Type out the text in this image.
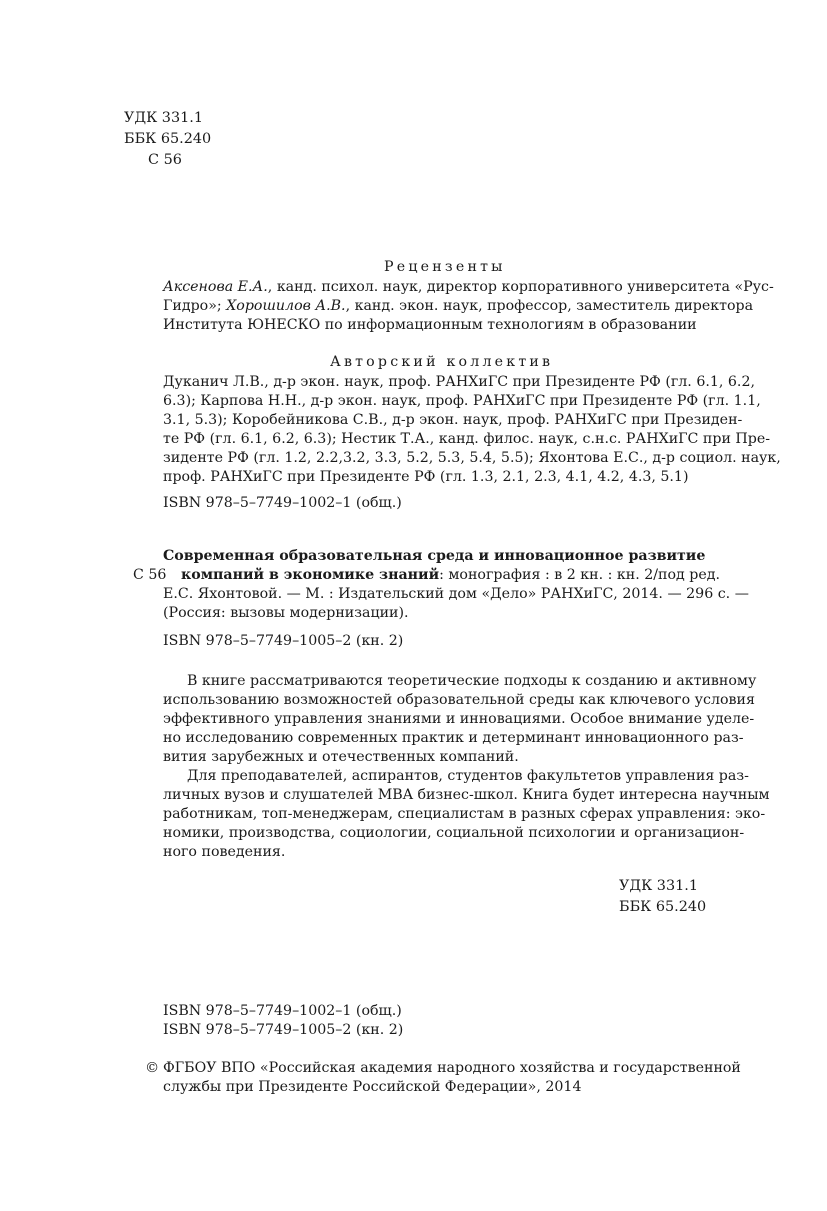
УДК 331.1
ББК 65.240
С 56
Рецензенты
Аксенова Е.А., канд. психол. наук, директор корпоративного университета «Рус-
Гидро»; Хорошилов А.В., канд. экон. наук, профессор, заместитель директора
Института ЮНЕСКО по информационным технологиям в образовании
Авторский коллектив
Дуканич Л.В., д-р экон. наук, проф. РАНХиГС при Президенте РФ (гл. 6.1, 6.2,
6.3); Карпова Н.Н., д-р экон. наук, проф. РАНХиГС при Президенте РФ (гл. 1.1,
3.1, 5.3); Коробейникова С.В., д-р экон. наук, проф. РАНХиГС при Президен-
те РФ (гл. 6.1, 6.2, 6.3); Нестик Т.А., канд. филос. наук, с.н.с. РАНХиГС при Пре-
зиденте РФ (гл. 1.2, 2.2,3.2, 3.3, 5.2, 5.3, 5.4, 5.5); Яхонтова Е.С., д-р социол. наук,
проф. РАНХиГС при Президенте РФ (гл. 1.3, 2.1, 2.3, 4.1, 4.2, 4.3, 5.1)
ISBN 978–5–7749–1002–1 (общ.)
Современная образовательная среда и инновационное развитие
С 56 компаний в экономике знаний: монография : в 2 кн. : кн. 2/под ред.
Е.С. Яхонтовой. — М. : Издательский дом «Дело» РАНХиГС, 2014. — 296 с. —
(Россия: вызовы модернизации).
ISBN 978–5–7749–1005–2 (кн. 2)
В книге рассматриваются теоретические подходы к созданию и активному
использованию возможностей образовательной среды как ключевого условия
эффективного управления знаниями и инновациями. Особое внимание уделе-
но исследованию современных практик и детерминант инновационного раз-
вития зарубежных и отечественных компаний.
Для преподавателей, аспирантов, студентов факультетов управления раз-
личных вузов и слушателей MBA бизнес-школ. Книга будет интересна научным
работникам, топ-менеджерам, специалистам в разных сферах управления: эко-
номики, производства, социологии, социальной психологии и организацион-
ного поведения.
УДК 331.1
ББК 65.240
ISBN 978–5–7749–1002–1 (общ.)
ISBN 978–5–7749–1005–2 (кн. 2)
© ФГБОУ ВПО «Российская академия народного хозяйства и государственной
службы при Президенте Российской Федерации», 2014
